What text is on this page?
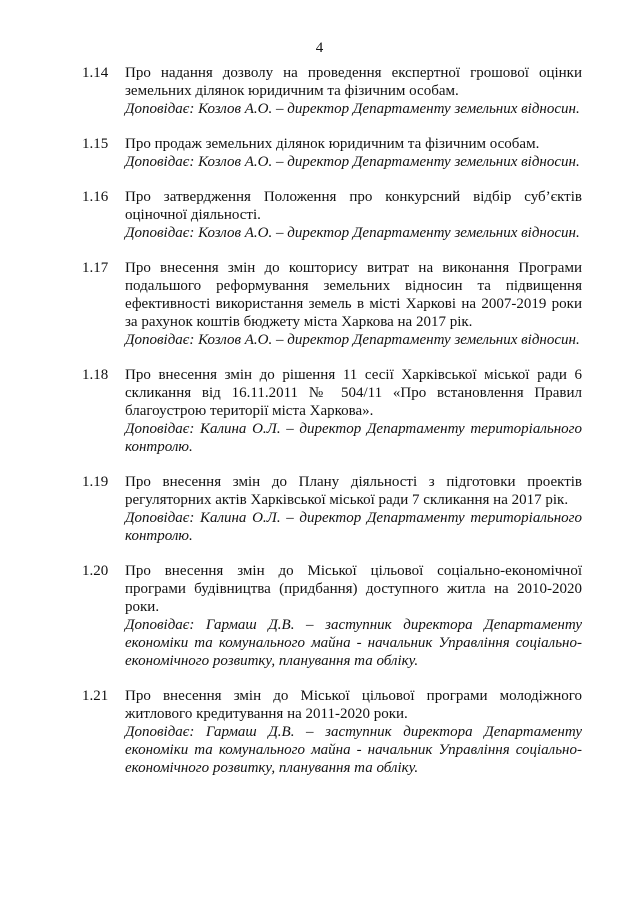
4
1.14	Про надання дозволу на проведення експертної грошової оцінки земельних ділянок юридичним та фізичним особам.

Доповідає: Козлов А.О. – директор Департаменту земельних відносин.

1.15	Про продаж земельних ділянок юридичним та фізичним особам.

Доповідає: Козлов А.О. – директор Департаменту земельних відносин.

1.16	Про затвердження Положення про конкурсний відбір суб’єктів оціночної діяльності.

Доповідає: Козлов А.О. – директор Департаменту земельних відносин.

1.17	Про внесення змін до кошторису витрат на виконання Програми подальшого реформування земельних відносин та підвищення ефективності використання земель в місті Харкові на 2007-2019 роки за рахунок коштів бюджету міста Харкова на 2017 рік.

Доповідає: Козлов А.О. – директор Департаменту земельних відносин.

1.18	Про внесення змін до рішення 11 сесії Харківської міської ради 6 скликання від 16.11.2011 № 504/11 «Про встановлення Правил благоустрою території міста Харкова».

Доповідає: Калина О.Л. – директор Департаменту територіального контролю.

1.19	Про внесення змін до Плану діяльності з підготовки проектів регуляторних актів Харківської міської ради 7 скликання на 2017 рік.

Доповідає: Калина О.Л. – директор Департаменту територіального контролю.

1.20	Про внесення змін до Міської цільової соціально-економічної програми будівництва (придбання) доступного житла на 2010-2020 роки.

Доповідає: Гармаш Д.В. – заступник директора Департаменту економіки та комунального майна - начальник Управління соціально-економічного розвитку, планування та обліку.

1.21	Про внесення змін до Міської цільової програми молодіжного житлового кредитування на 2011-2020 роки.

Доповідає: Гармаш Д.В. – заступник директора Департаменту економіки та комунального майна - начальник Управління соціально-економічного розвитку, планування та обліку.
